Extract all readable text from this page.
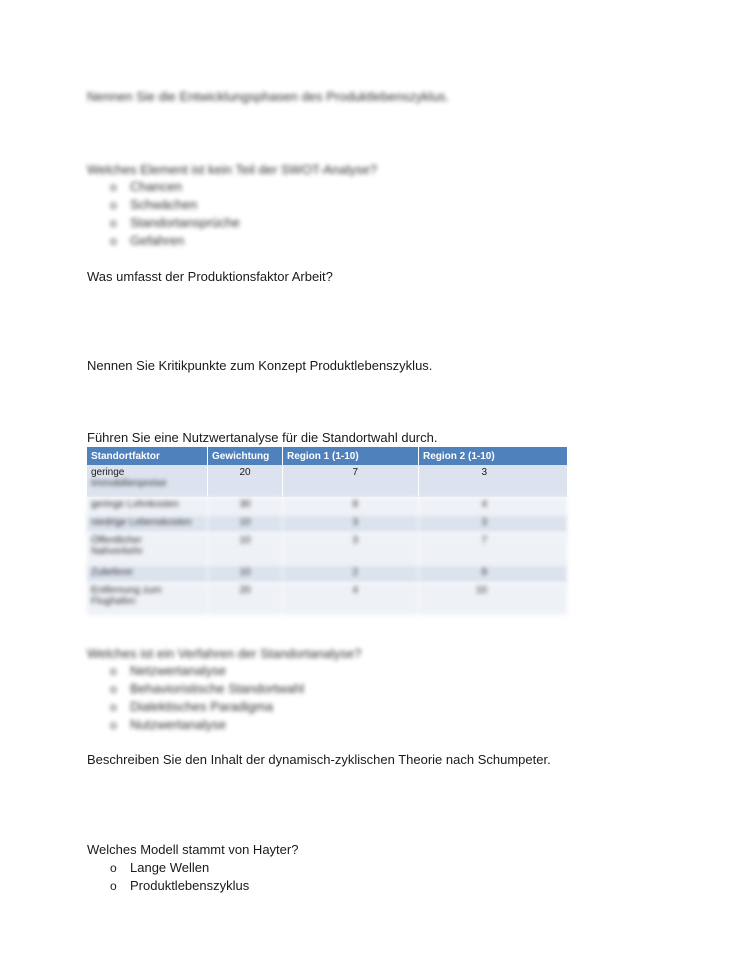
Nennen Sie die Entwicklungsphasen des Produktlebenszyklus.
Welches Element ist kein Teil der SWOT-Analyse?
o	Chancen
o	Schwächen
o	Standortansprüche
o	Gefahren
Was umfasst der Produktionsfaktor Arbeit?
Nennen Sie Kritikpunkte zum Konzept Produktlebenszyklus.
Führen Sie eine Nutzwertanalyse für die Standortwahl durch.
Standortfaktor	Gewichtung	Region 1 (1-10)	Region 2 (1-10)
geringe
Immobilienpreise	20	7	3
geringe Lohnkosten	30	8	4
niedrige Lebenskosten	10	3	3
Öffentlicher
Nahverkehr	10	3	7
Zulieferer	10	2	8
Entfernung zum
Flughafen	20	4	10
Welches ist ein Verfahren der Standortanalyse?
o	Netzwertanalyse
o	Behavioristische Standortwahl
o	Dialektisches Paradigma
o	Nutzwertanalyse
Beschreiben Sie den Inhalt der dynamisch-zyklischen Theorie nach Schumpeter.
Welches Modell stammt von Hayter?
o	Lange Wellen
o	Produktlebenszyklus
